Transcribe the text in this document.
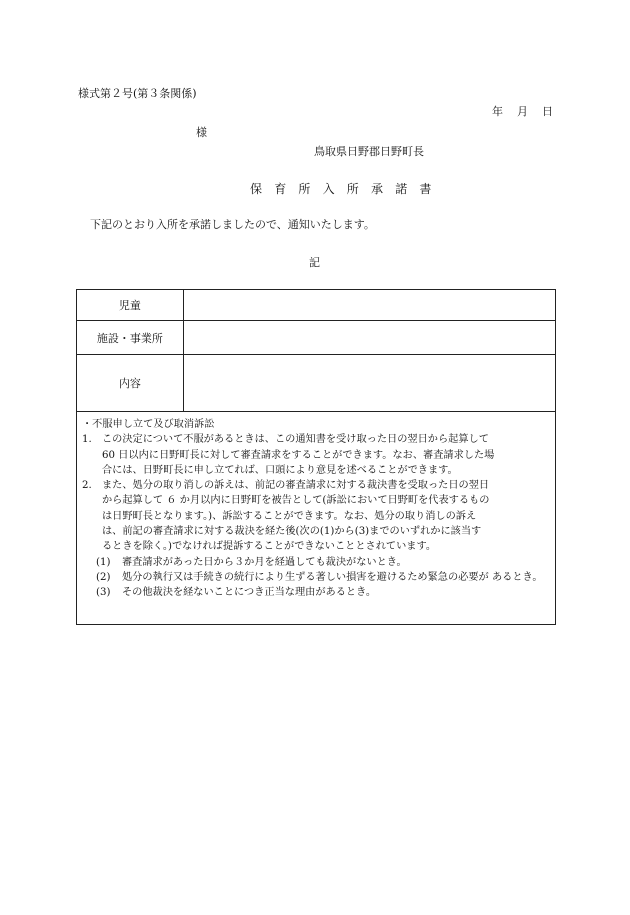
様式第２号(第３条関係)
年 月 日
様
鳥取県日野郡日野町長
保　育　所　入　所　承　諾　書
下記のとおり入所を承諾しましたので、通知いたします。
記
児童	
施設・事業所	
内容	
・不服申し立て及び取消訴訟
1. この決定について不服があるときは、この通知書を受け取った日の翌日から起算して
60 日以内に日野町長に対して審査請求をすることができます。なお、審査請求した場
合には、日野町長に申し立てれば、口頭により意見を述べることができます。
2. また、処分の取り消しの訴えは、前記の審査請求に対する裁決書を受取った日の翌日
から起算して ６ か月以内に日野町を被告として(訴訟において日野町を代表するもの
は日野町長となります。)、訴訟することができます。なお、処分の取り消しの訴え
は、前記の審査請求に対する裁決を経た後(次の(1)から(3)までのいずれかに該当す
るときを除く。)でなければ提訴することができないこととされています。
(1) 審査請求があった日から３か月を経過しても裁決がないとき。
(2) 処分の執行又は手続きの続行により生ずる著しい損害を避けるため緊急の必要が あるとき。
(3) その他裁決を経ないことにつき正当な理由があるとき。
